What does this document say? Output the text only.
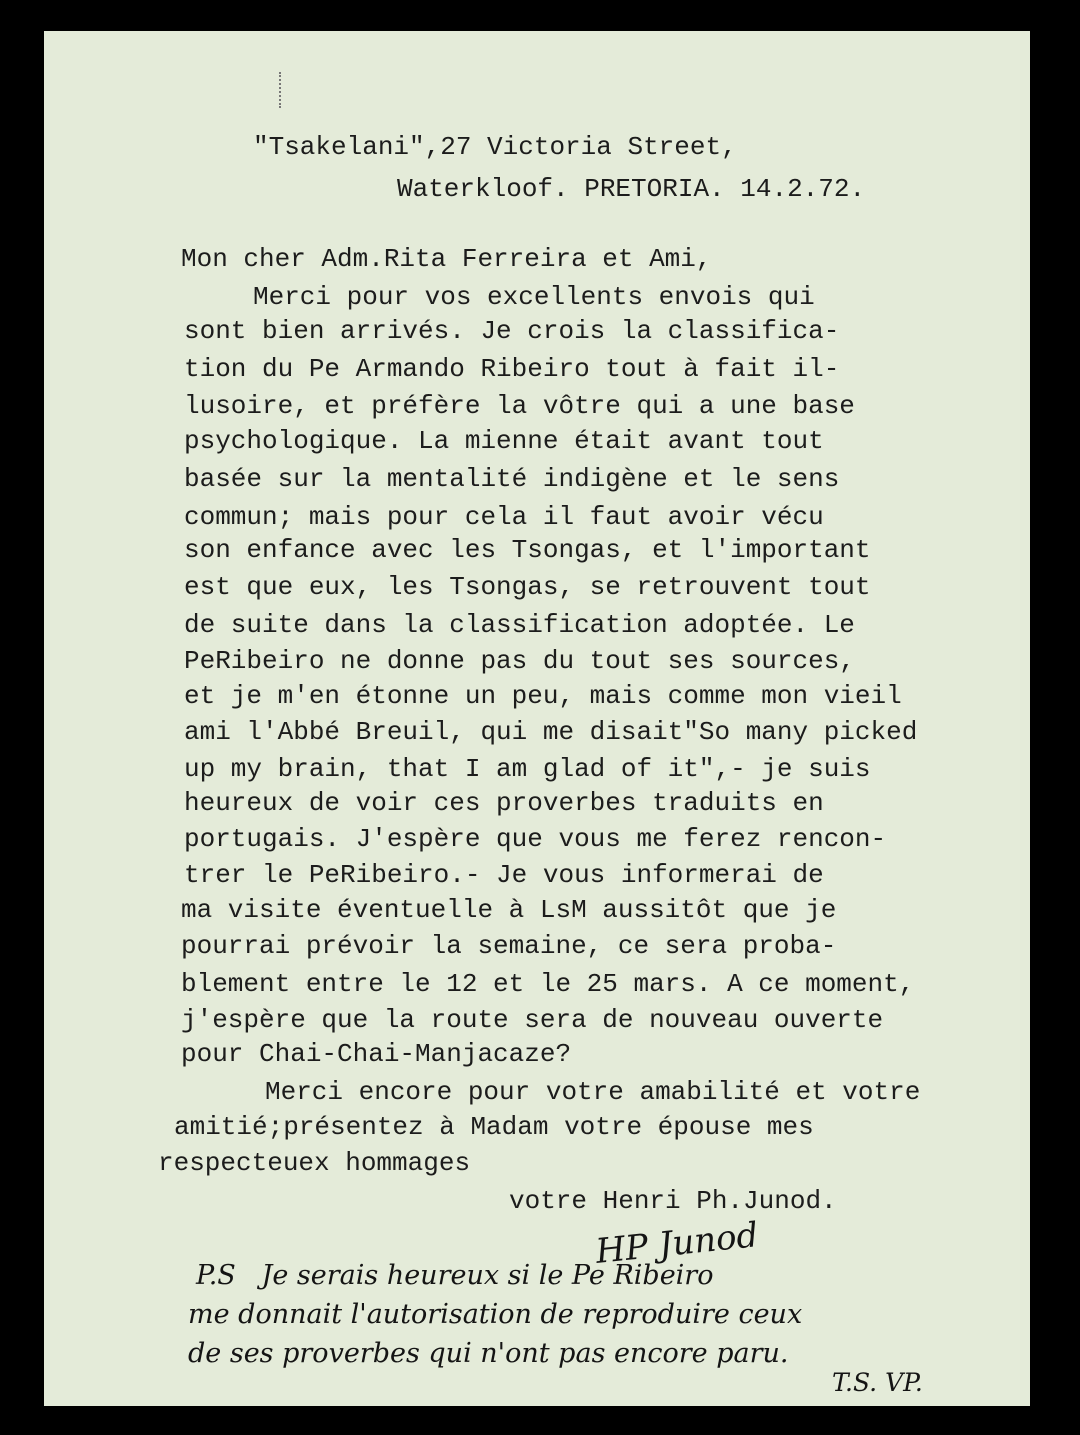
"Tsakelani",27 Victoria Street,
Waterkloof. PRETORIA. 14.2.72.
Mon cher Adm.Rita Ferreira et Ami,
Merci pour vos excellents envois qui
sont bien arrivés. Je crois la classifica-
tion du Pe Armando Ribeiro tout à fait il-
lusoire, et préfère la vôtre qui a une base
psychologique. La mienne était avant tout
basée sur la mentalité indigène et le sens
commun; mais pour cela il faut avoir vécu
son enfance avec les Tsongas, et l'important
est que eux, les Tsongas, se retrouvent tout
de suite dans la classification adoptée. Le
PeRibeiro ne donne pas du tout ses sources,
et je m'en étonne un peu, mais comme mon vieil
ami l'Abbé Breuil, qui me disait"So many picked
up my brain, that I am glad of it",- je suis
heureux de voir ces proverbes traduits en
portugais. J'espère que vous me ferez rencon-
trer le PeRibeiro.- Je vous informerai de
ma visite éventuelle à LsM aussitôt que je
pourrai prévoir la semaine, ce sera proba-
blement entre le 12 et le 25 mars. A ce moment,
j'espère que la route sera de nouveau ouverte
pour Chai-Chai-Manjacaze?
Merci encore pour votre amabilité et votre
amitié;présentez à Madam votre épouse mes
respecteuex hommages
votre Henri Ph.Junod.
HP Junod
P.S   Je serais heureux si le Pe Ribeiro
me donnait l'autorisation de reproduire ceux
de ses proverbes qui n'ont pas encore paru.
T.S. VP.
